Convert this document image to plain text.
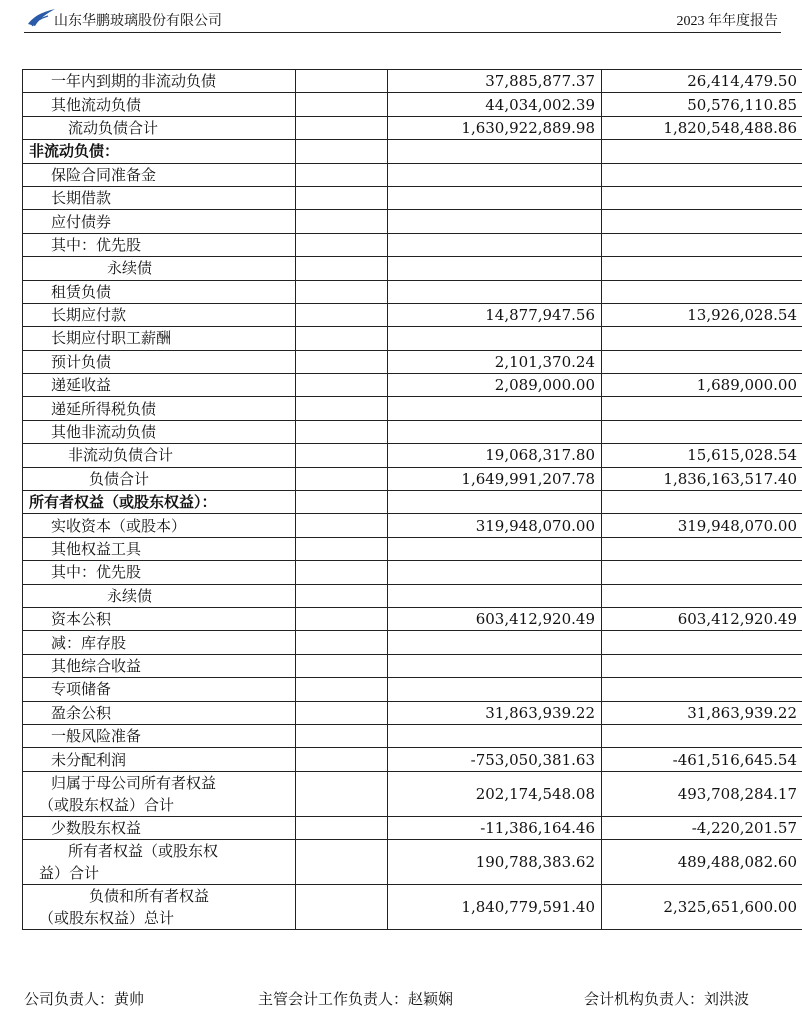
山东华鹏玻璃股份有限公司	2023 年年度报告
一年内到期的非流动负债		37,885,877.37	26,414,479.50
其他流动负债		44,034,002.39	50,576,110.85
流动负债合计		1,630,922,889.98	1,820,548,488.86
非流动负债：			
保险合同准备金			
长期借款			
应付债券			
其中：优先股			
永续债			
租赁负债			
长期应付款		14,877,947.56	13,926,028.54
长期应付职工薪酬			
预计负债		2,101,370.24	
递延收益		2,089,000.00	1,689,000.00
递延所得税负债			
其他非流动负债			
非流动负债合计		19,068,317.80	15,615,028.54
负债合计		1,649,991,207.78	1,836,163,517.40
所有者权益（或股东权益）：			
实收资本（或股本）		319,948,070.00	319,948,070.00
其他权益工具			
其中：优先股			
永续债			
资本公积		603,412,920.49	603,412,920.49
减：库存股			
其他综合收益			
专项储备			
盈余公积		31,863,939.22	31,863,939.22
一般风险准备			
未分配利润		-753,050,381.63	-461,516,645.54
归属于母公司所有者权益
（或股东权益）合计		202,174,548.08	493,708,284.17
少数股东权益		-11,386,164.46	-4,220,201.57
所有者权益（或股东权
益）合计		190,788,383.62	489,488,082.60
负债和所有者权益
（或股东权益）总计		1,840,779,591.40	2,325,651,600.00
公司负责人：黄帅	主管会计工作负责人：赵颖娴	会计机构负责人：刘洪波
